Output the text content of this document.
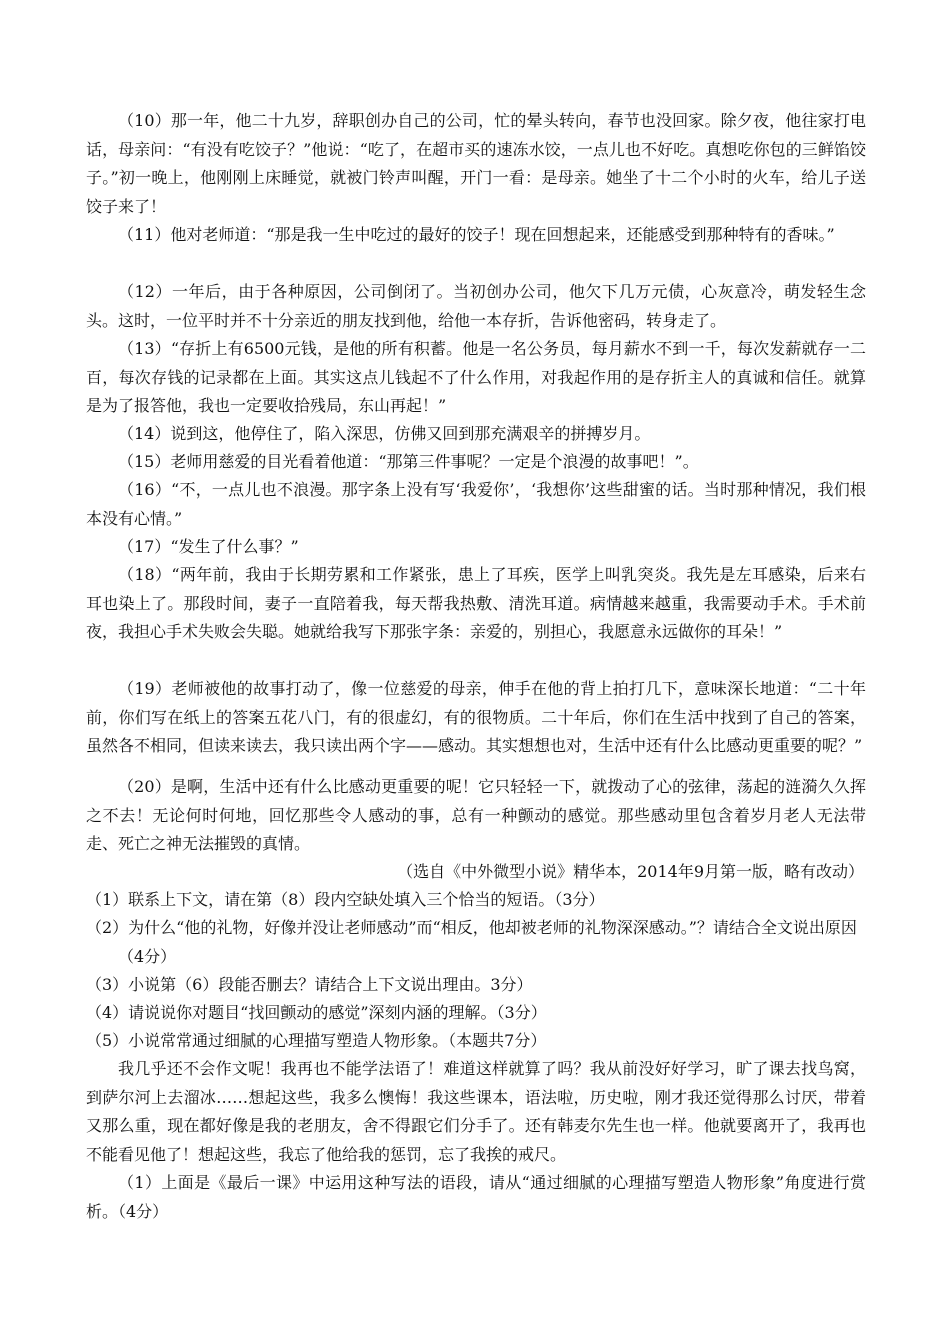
（10）那一年，他二十九岁，辞职创办自己的公司，忙的晕头转向，春节也没回家。除夕夜，他往家打电话，母亲问：“有没有吃饺子？”他说：“吃了，在超市买的速冻水饺，一点儿也不好吃。真想吃你包的三鲜馅饺子。”初一晚上，他刚刚上床睡觉，就被门铃声叫醒，开门一看：是母亲。她坐了十二个小时的火车，给儿子送饺子来了！

（11）他对老师道：“那是我一生中吃过的最好的饺子！现在回想起来，还能感受到那种特有的香味。”

（12）一年后，由于各种原因，公司倒闭了。当初创办公司，他欠下几万元债，心灰意冷，萌发轻生念头。这时，一位平时并不十分亲近的朋友找到他，给他一本存折，告诉他密码，转身走了。

（13）“存折上有6500元钱，是他的所有积蓄。他是一名公务员，每月薪水不到一千，每次发薪就存一二百，每次存钱的记录都在上面。其实这点儿钱起不了什么作用，对我起作用的是存折主人的真诚和信任。就算是为了报答他，我也一定要收拾残局，东山再起！”

（14）说到这，他停住了，陷入深思，仿佛又回到那充满艰辛的拼搏岁月。

（15）老师用慈爱的目光看着他道：“那第三件事呢？一定是个浪漫的故事吧！”。

（16）“不，一点儿也不浪漫。那字条上没有写‘我爱你’，‘我想你’这些甜蜜的话。当时那种情况，我们根本没有心情。”

（17）“发生了什么事？”

（18）“两年前，我由于长期劳累和工作紧张，患上了耳疾，医学上叫乳突炎。我先是左耳感染，后来右耳也染上了。那段时间，妻子一直陪着我，每天帮我热敷、清洗耳道。病情越来越重，我需要动手术。手术前夜，我担心手术失败会失聪。她就给我写下那张字条：亲爱的，别担心，我愿意永远做你的耳朵！”

（19）老师被他的故事打动了，像一位慈爱的母亲，伸手在他的背上拍打几下，意味深长地道：“二十年前，你们写在纸上的答案五花八门，有的很虚幻，有的很物质。二十年后，你们在生活中找到了自己的答案，虽然各不相同，但读来读去，我只读出两个字——感动。其实想想也对，生活中还有什么比感动更重要的呢？”

（20）是啊，生活中还有什么比感动更重要的呢！它只轻轻一下，就拨动了心的弦律，荡起的涟漪久久挥之不去！无论何时何地，回忆那些令人感动的事，总有一种颤动的感觉。那些感动里包含着岁月老人无法带走、死亡之神无法摧毁的真情。

（选自《中外微型小说》精华本，2014年9月第一版，略有改动）

（1）联系上下文，请在第（8）段内空缺处填入三个恰当的短语。（3分）

（2）为什么“他的礼物，好像并没让老师感动”而“相反，他却被老师的礼物深深感动。”？请结合全文说出原因（4分）

（3）小说第（6）段能否删去？请结合上下文说出理由。3分）

（4）请说说你对题目“找回颤动的感觉”深刻内涵的理解。（3分）

（5）小说常常通过细腻的心理描写塑造人物形象。（本题共7分）

我几乎还不会作文呢！我再也不能学法语了！难道这样就算了吗？我从前没好好学习，旷了课去找鸟窝，到萨尔河上去溜冰……想起这些，我多么懊悔！我这些课本，语法啦，历史啦，刚才我还觉得那么讨厌，带着又那么重，现在都好像是我的老朋友，舍不得跟它们分手了。还有韩麦尔先生也一样。他就要离开了，我再也不能看见他了！想起这些，我忘了他给我的惩罚，忘了我挨的戒尺。

（1）上面是《最后一课》中运用这种写法的语段，请从“通过细腻的心理描写塑造人物形象”角度进行赏析。（4分）
